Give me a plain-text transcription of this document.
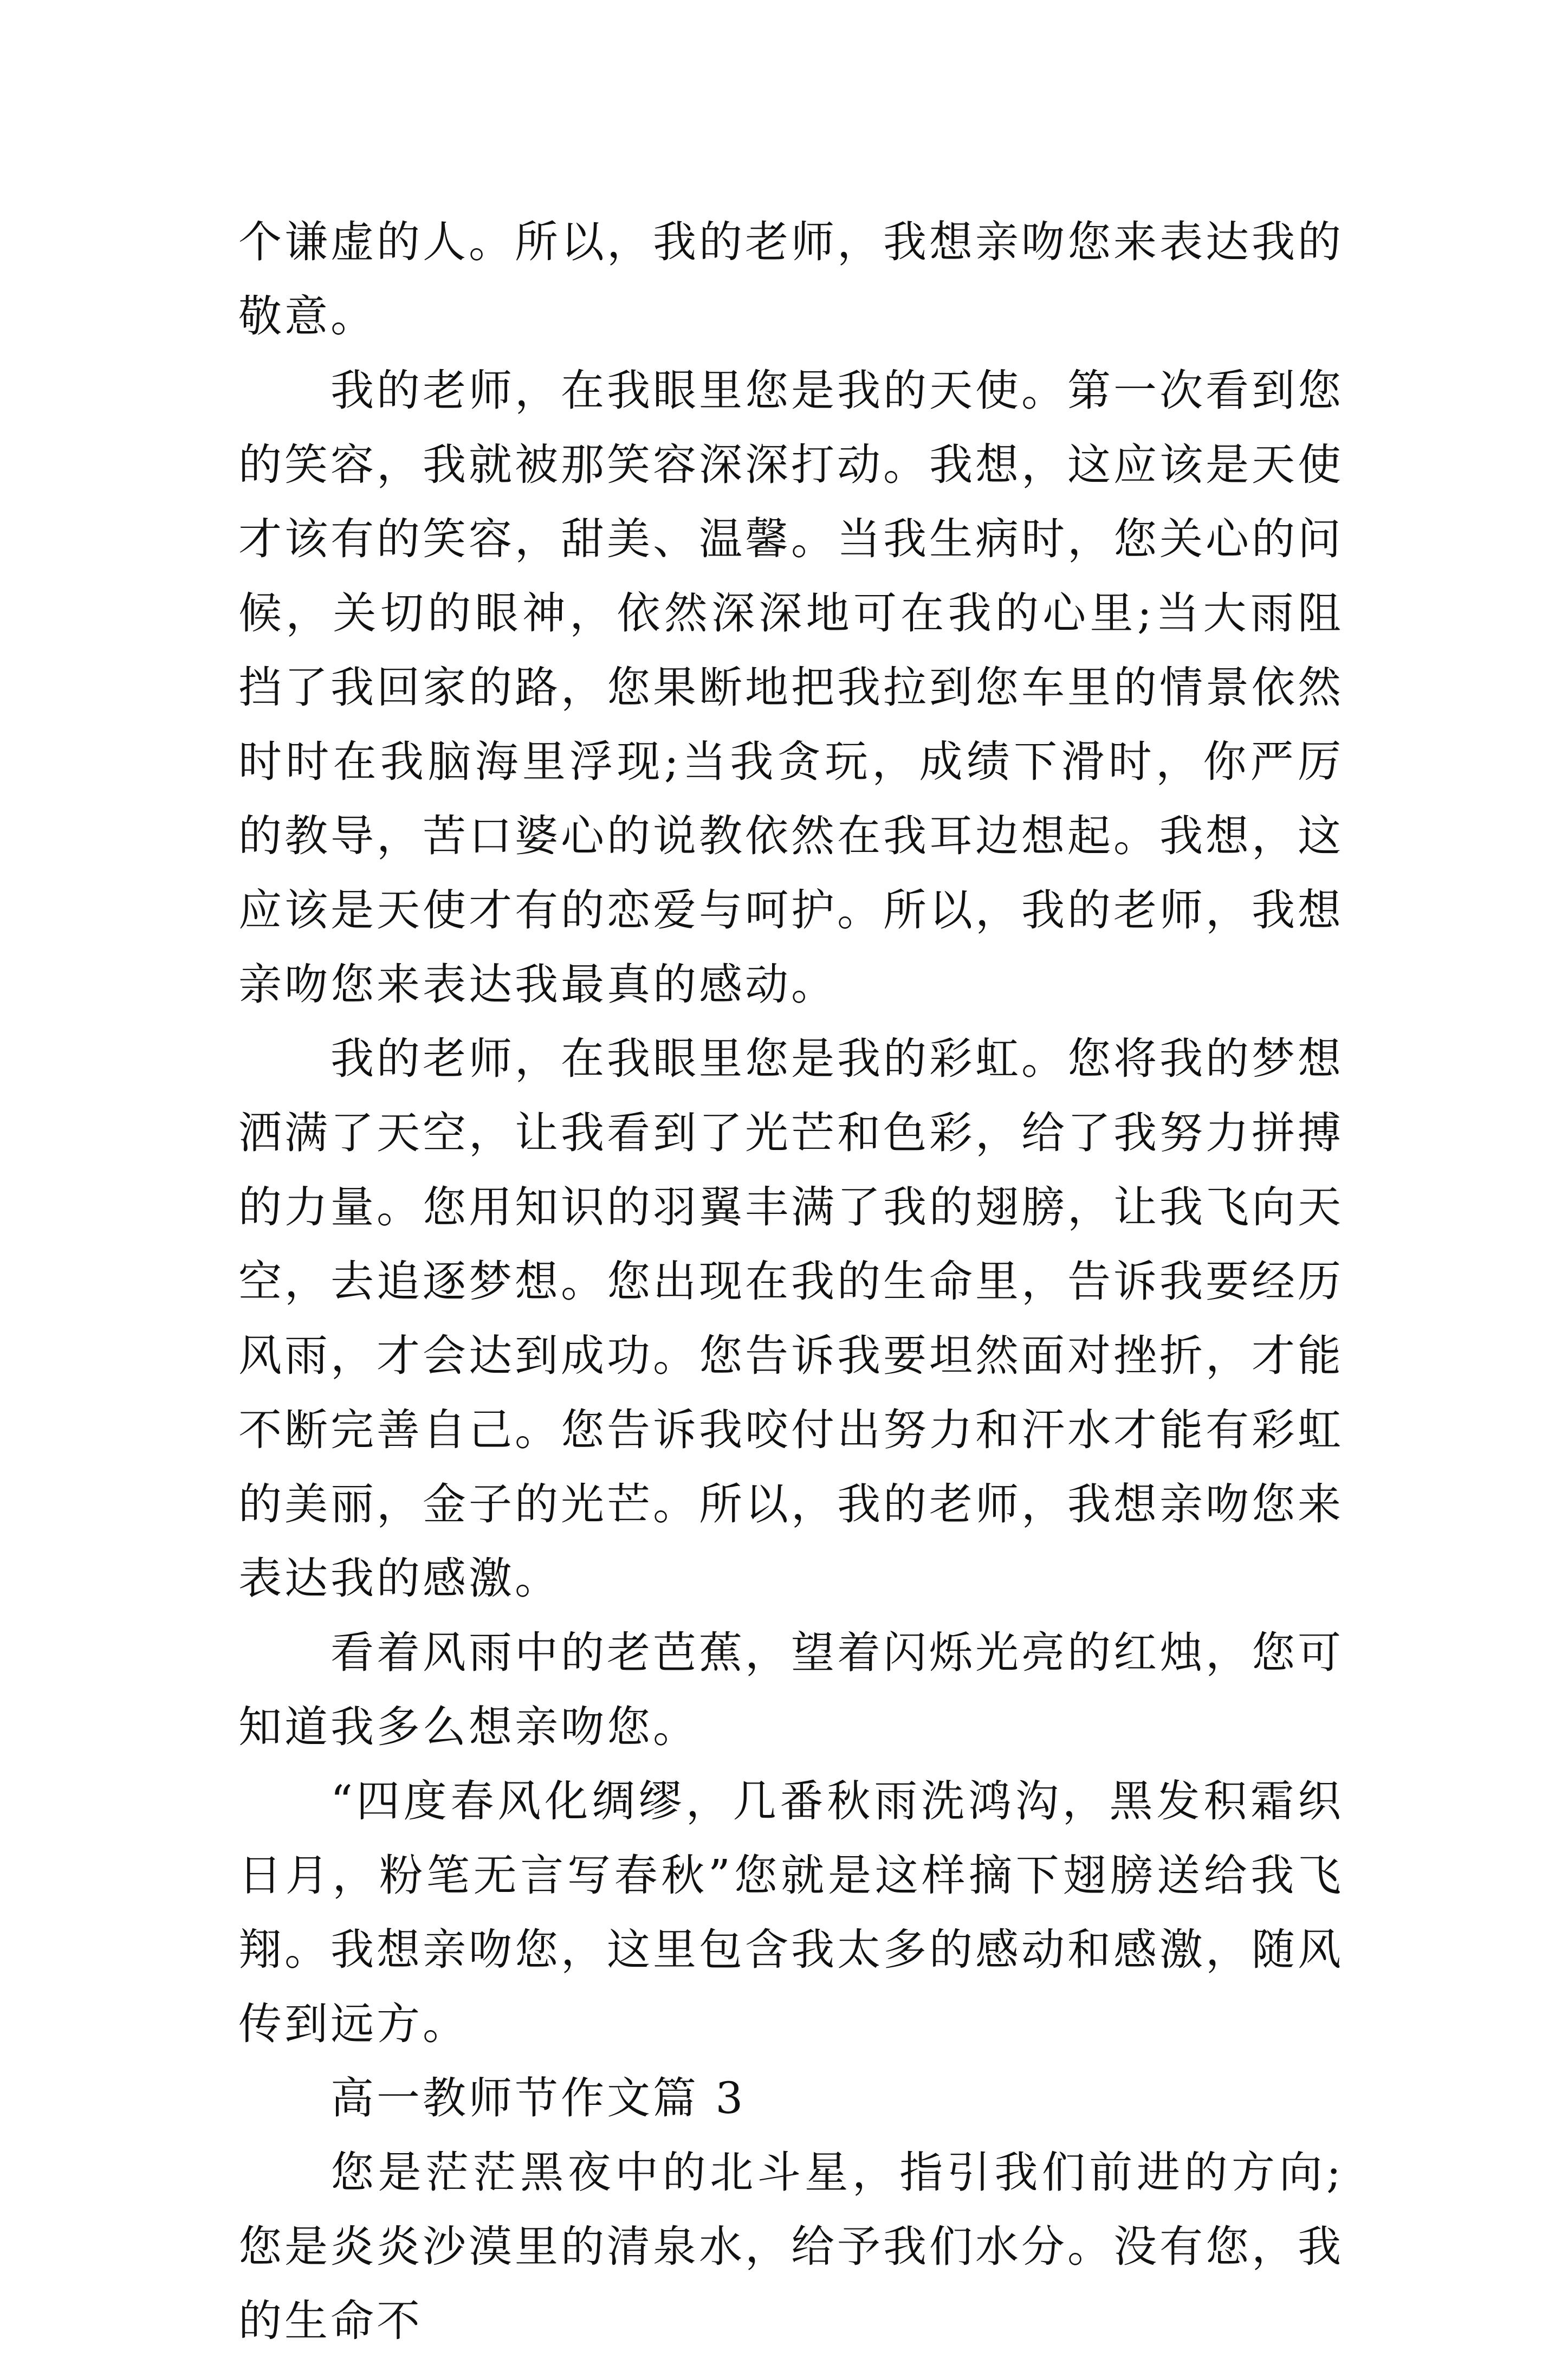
个谦虚的人。所以，我的老师，我想亲吻您来表达我的敬意。

我的老师，在我眼里您是我的天使。第一次看到您的笑容，我就被那笑容深深打动。我想，这应该是天使才该有的笑容，甜美、温馨。当我生病时，您关心的问候，关切的眼神，依然深深地可在我的心里;当大雨阻挡了我回家的路，您果断地把我拉到您车里的情景依然时时在我脑海里浮现;当我贪玩，成绩下滑时，你严厉的教导，苦口婆心的说教依然在我耳边想起。我想，这应该是天使才有的恋爱与呵护。所以，我的老师，我想亲吻您来表达我最真的感动。

我的老师，在我眼里您是我的彩虹。您将我的梦想洒满了天空，让我看到了光芒和色彩，给了我努力拼搏的力量。您用知识的羽翼丰满了我的翅膀，让我飞向天空，去追逐梦想。您出现在我的生命里，告诉我要经历风雨，才会达到成功。您告诉我要坦然面对挫折，才能不断完善自己。您告诉我咬付出努力和汗水才能有彩虹的美丽，金子的光芒。所以，我的老师，我想亲吻您来表达我的感激。

看着风雨中的老芭蕉，望着闪烁光亮的红烛，您可知道我多么想亲吻您。

“四度春风化绸缪，几番秋雨洗鸿沟，黑发积霜织日月，粉笔无言写春秋”您就是这样摘下翅膀送给我飞翔。我想亲吻您，这里包含我太多的感动和感激，随风传到远方。

高一教师节作文篇 3

您是茫茫黑夜中的北斗星，指引我们前进的方向;您是炎炎沙漠里的清泉水，给予我们水分。没有您，我的生命不
